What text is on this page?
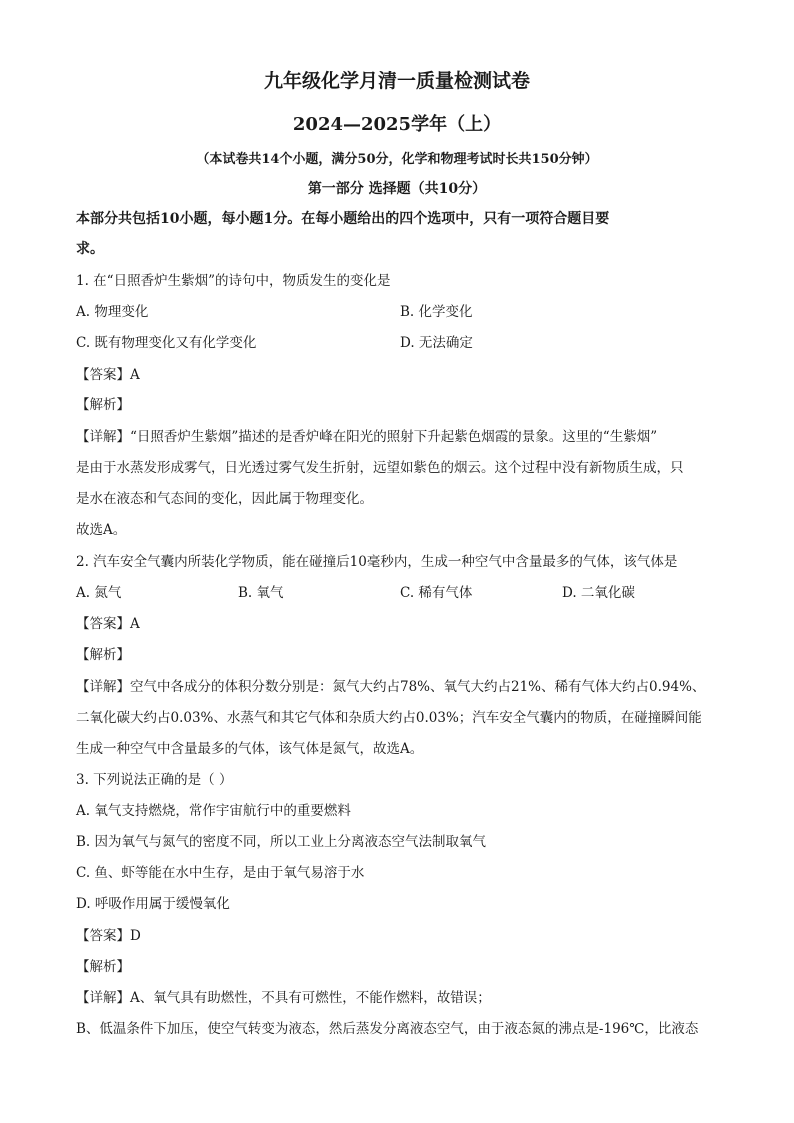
九年级化学月清一质量检测试卷
2024—2025学年（上）
（本试卷共14个小题，满分50分，化学和物理考试时长共150分钟）
第一部分 选择题（共10分）

本部分共包括10小题，每小题1分。在每小题给出的四个选项中，只有一项符合题目要

求。

1. 在“日照香炉生紫烟”的诗句中，物质发生的变化是

A. 物理变化	B. 化学变化
C. 既有物理变化又有化学变化	D. 无法确定

【答案】A

【解析】

【详解】“日照香炉生紫烟”描述的是香炉峰在阳光的照射下升起紫色烟霞的景象。这里的“生紫烟”

是由于水蒸发形成雾气，日光透过雾气发生折射，远望如紫色的烟云。这个过程中没有新物质生成，只

是水在液态和气态间的变化，因此属于物理变化。

故选A。

2. 汽车安全气囊内所装化学物质，能在碰撞后10毫秒内，生成一种空气中含量最多的气体，该气体是

A. 氮气	B. 氧气	C. 稀有气体	D. 二氧化碳

【答案】A

【解析】

【详解】空气中各成分的体积分数分别是：氮气大约占78%、氧气大约占21%、稀有气体大约占0.94%、

二氧化碳大约占0.03%、水蒸气和其它气体和杂质大约占0.03%；汽车安全气囊内的物质，在碰撞瞬间能

生成一种空气中含量最多的气体，该气体是氮气，故选A。

3. 下列说法正确的是（ ）

A. 氧气支持燃烧，常作宇宙航行中的重要燃料

B. 因为氧气与氮气的密度不同，所以工业上分离液态空气法制取氧气

C. 鱼、虾等能在水中生存，是由于氧气易溶于水

D. 呼吸作用属于缓慢氧化

【答案】D

【解析】

【详解】A、氧气具有助燃性，不具有可燃性，不能作燃料，故错误；

B、低温条件下加压，使空气转变为液态，然后蒸发分离液态空气，由于液态氮的沸点是-196℃，比液态
